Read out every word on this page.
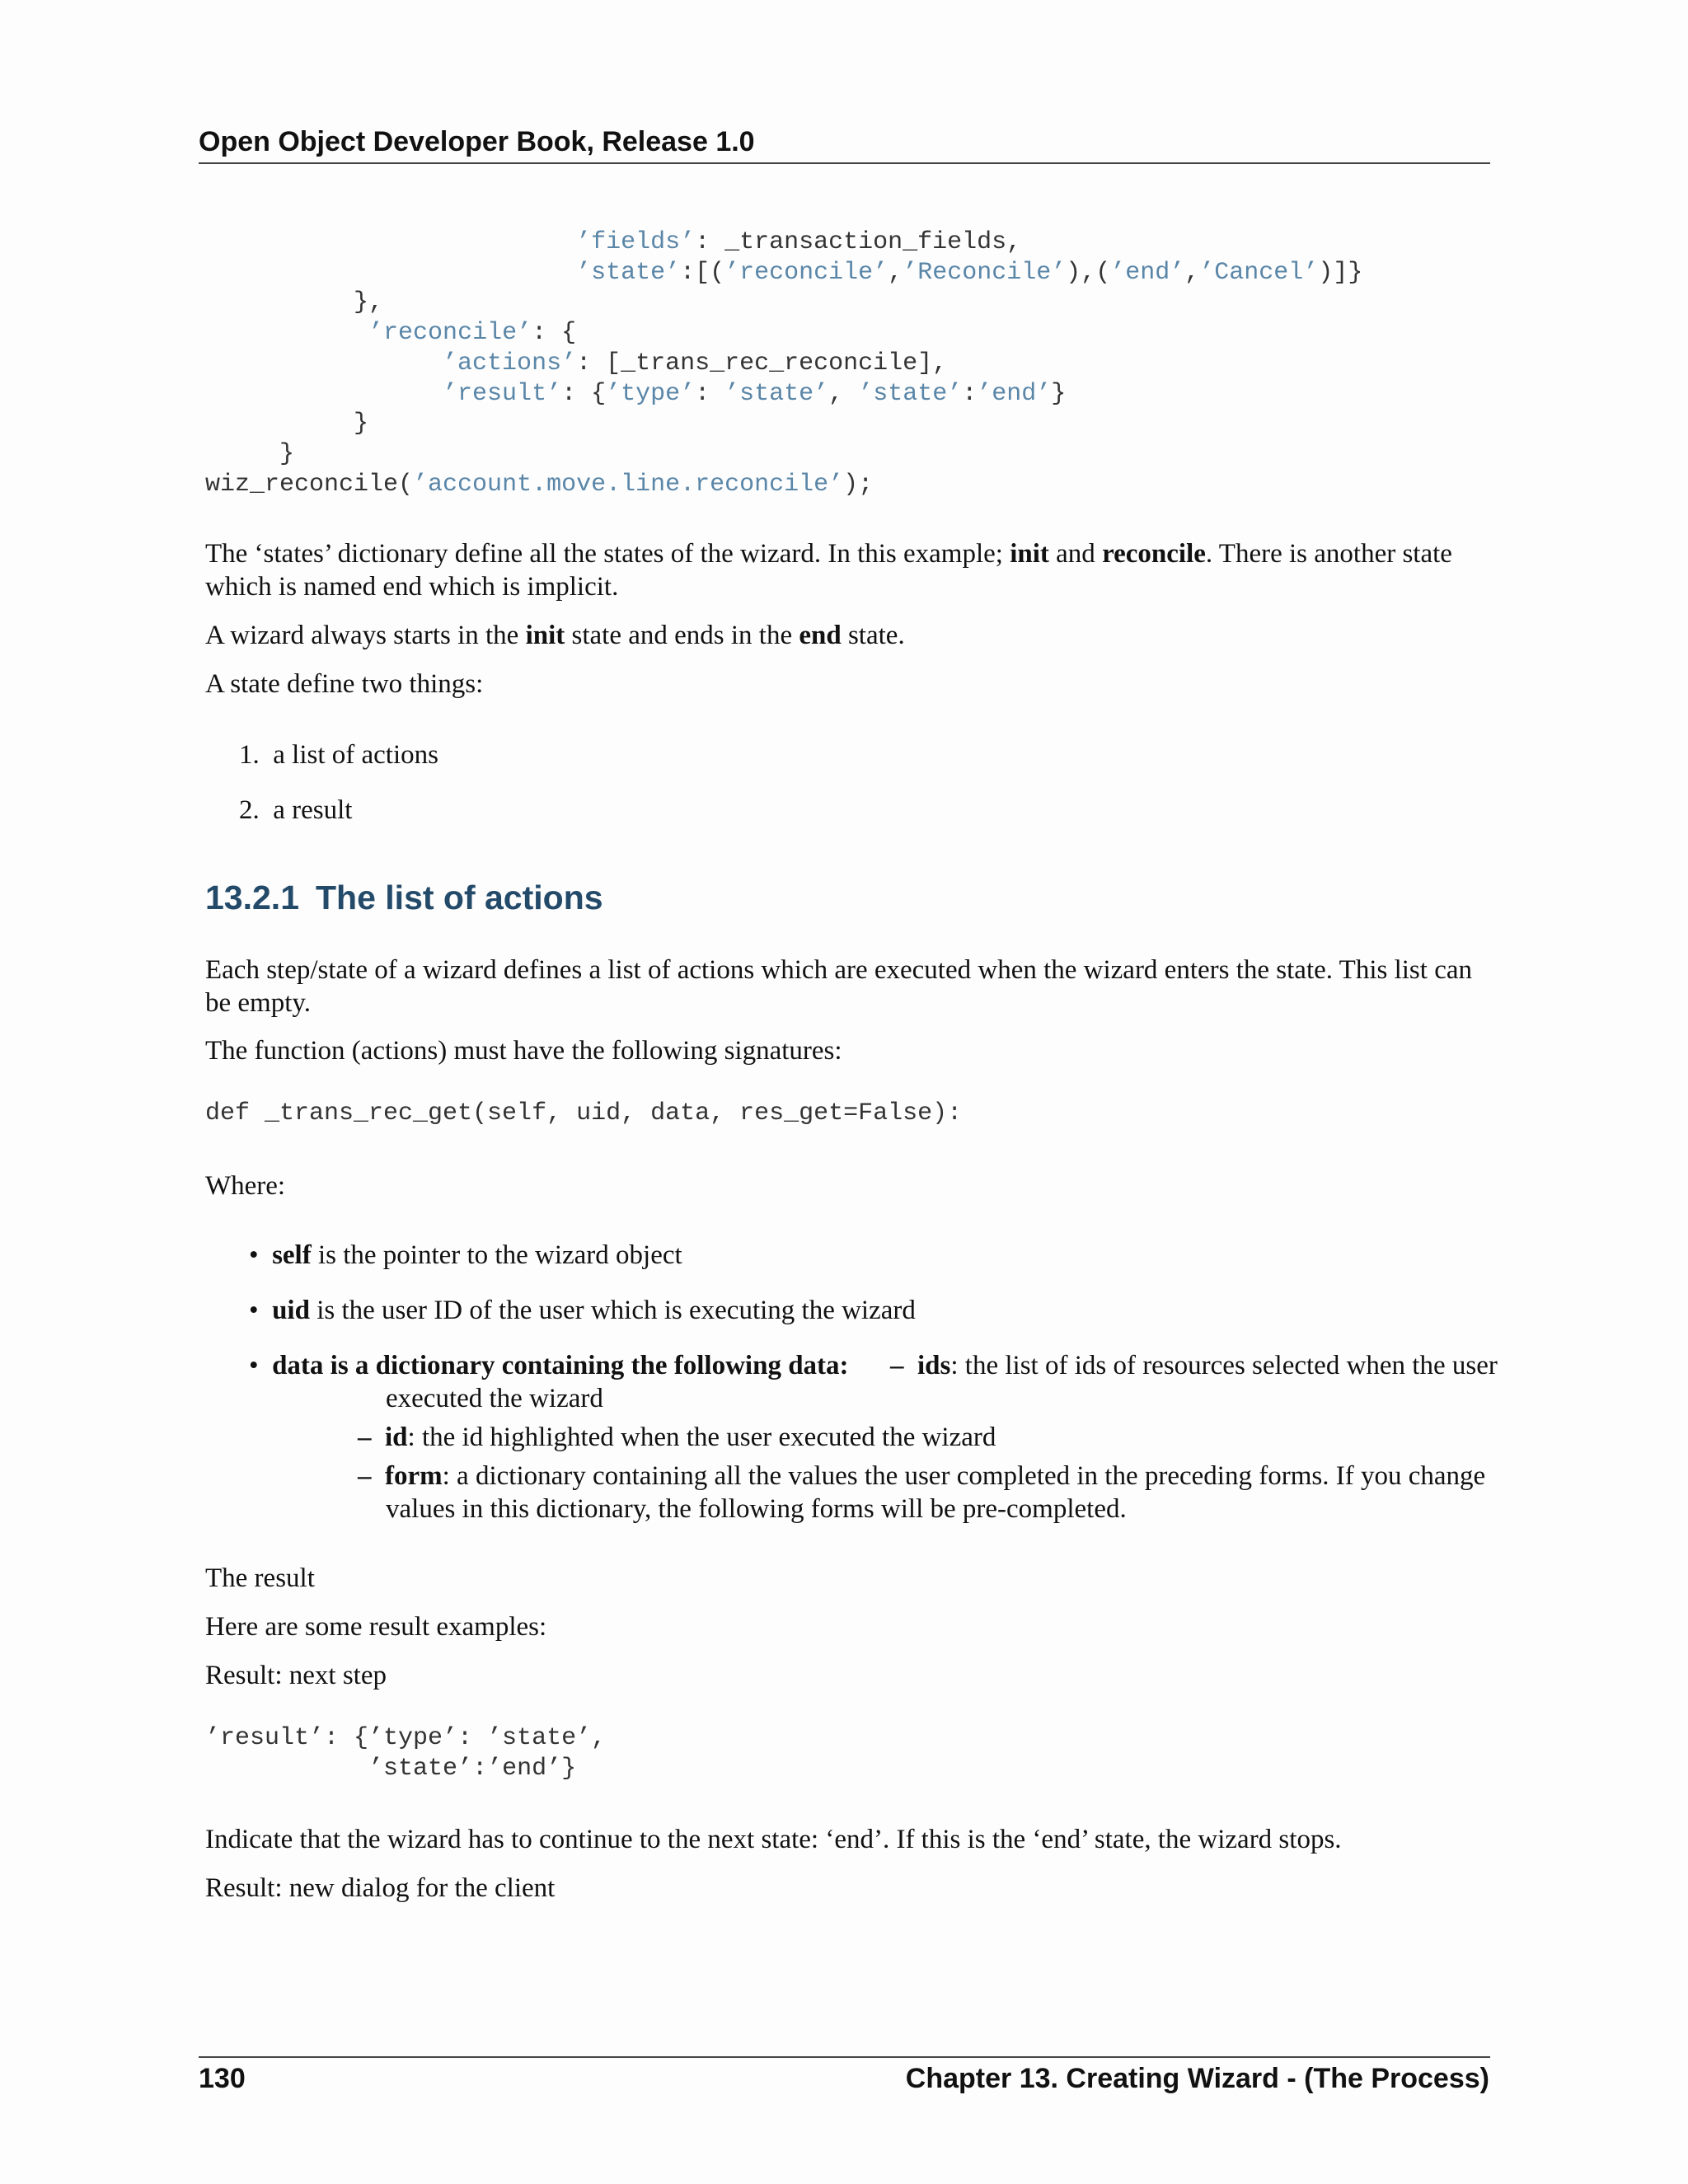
Open Object Developer Book, Release 1.0
’fields’: _transaction_fields,
’state’:[(’reconcile’,’Reconcile’),(’end’,’Cancel’)]}
},
’reconcile’: {
’actions’: [_trans_rec_reconcile],
’result’: {’type’: ’state’, ’state’:’end’}
}
}
wiz_reconcile(’account.move.line.reconcile’);

The ‘states’ dictionary define all the states of the wizard. In this example; init and reconcile. There is another state which is named end which is implicit.

A wizard always starts in the init state and ends in the end state.

A state define two things:

1. a list of actions
2. a result
13.2.1 The list of actions

Each step/state of a wizard defines a list of actions which are executed when the wizard enters the state. This list can be empty.

The function (actions) must have the following signatures:

def _trans_rec_get(self, uid, data, res_get=False):

Where:

• self is the pointer to the wizard object
• uid is the user ID of the user which is executing the wizard
• data is a dictionary containing the following data: – ids: the list of ids of resources selected when the user
executed the wizard
– id: the id highlighted when the user executed the wizard
– form: a dictionary containing all the values the user completed in the preceding forms. If you change
values in this dictionary, the following forms will be pre-completed.

The result

Here are some result examples:

Result: next step

’result’: {’type’: ’state’,
’state’:’end’}

Indicate that the wizard has to continue to the next state: ‘end’. If this is the ‘end’ state, the wizard stops.

Result: new dialog for the client

130	Chapter 13. Creating Wizard - (The Process)
